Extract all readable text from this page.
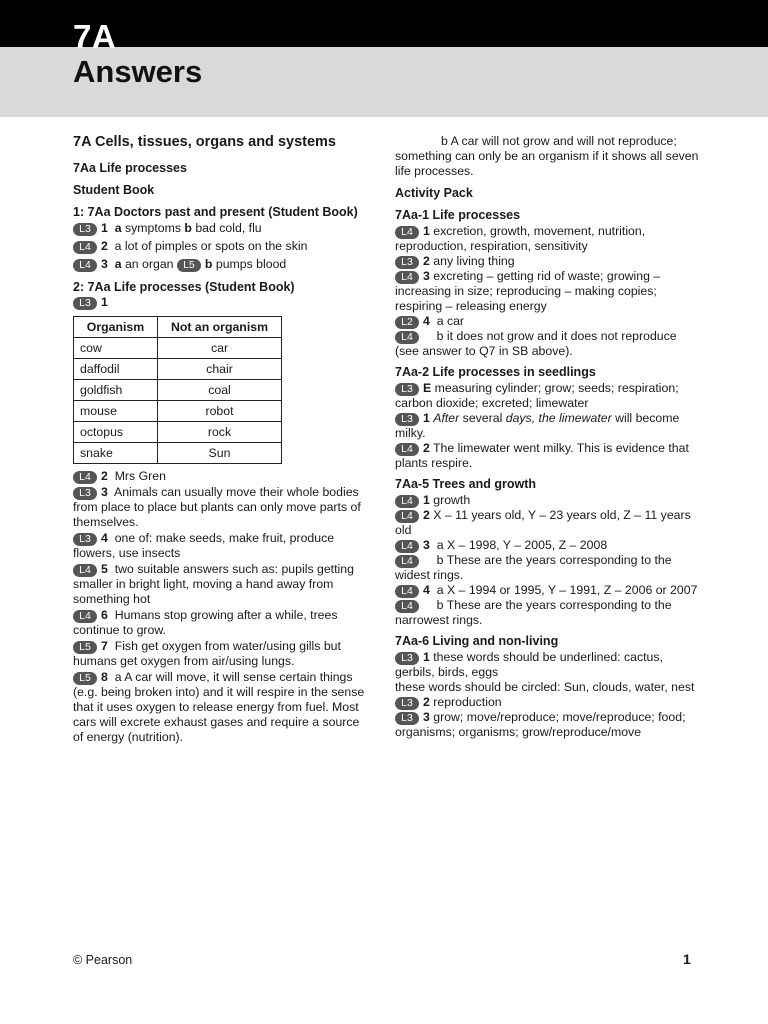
7A
Answers
7A Cells, tissues, organs and systems
7Aa Life processes
Student Book
1: 7Aa Doctors past and present (Student Book)
L3 1 a symptoms b bad cold, flu
L4 2  a lot of pimples or spots on the skin
L4 3 a an organ L5 b pumps blood
2: 7Aa Life processes (Student Book)
L3 1
Organism	Not an organism
cow	car
daffodil	chair
goldfish	coal
mouse	robot
octopus	rock
snake	Sun
L4 2 Mrs Gren
L3 3 Animals can usually move their whole bodies from place to place but plants can only move parts of themselves.
L3 4 one of: make seeds, make fruit, produce flowers, use insects
L4 5 two suitable answers such as: pupils getting smaller in bright light, moving a hand away from something hot
L4 6 Humans stop growing after a while, trees continue to grow.
L5 7 Fish get oxygen from water/using gills but humans get oxygen from air/using lungs.
L5 8 a A car will move, it will sense certain things (e.g. being broken into) and it will respire in the sense that it uses oxygen to release energy from fuel. Most cars will excrete exhaust gases and require a source of energy (nutrition).
b A car will not grow and will not reproduce; something can only be an organism if it shows all seven life processes.
Activity Pack
7Aa-1 Life processes
L4 1 excretion, growth, movement, nutrition, reproduction, respiration, sensitivity
L3 2 any living thing
L4 3 excreting – getting rid of waste; growing – increasing in size; reproducing – making copies; respiring – releasing energy
L2 4 a car
L4 b it does not grow and it does not reproduce (see answer to Q7 in SB above).
7Aa-2 Life processes in seedlings
L3 E measuring cylinder; grow; seeds; respiration; carbon dioxide; excreted; limewater
L3 1 After several days, the limewater will become milky.
L4 2 The limewater went milky. This is evidence that plants respire.
7Aa-5 Trees and growth
L4 1 growth
L4 2 X – 11 years old, Y – 23 years old, Z – 11 years old
L4 3 a X – 1998, Y – 2005, Z – 2008
L4 b These are the years corresponding to the widest rings.
L4 4 a X – 1994 or 1995, Y – 1991, Z – 2006 or 2007
L4 b These are the years corresponding to the narrowest rings.
7Aa-6 Living and non-living
L3 1 these words should be underlined: cactus, gerbils, birds, eggs
these words should be circled: Sun, clouds, water, nest
L3 2 reproduction
L3 3 grow; move/reproduce; move/reproduce; food; organisms; organisms; grow/reproduce/move
© Pearson	1
